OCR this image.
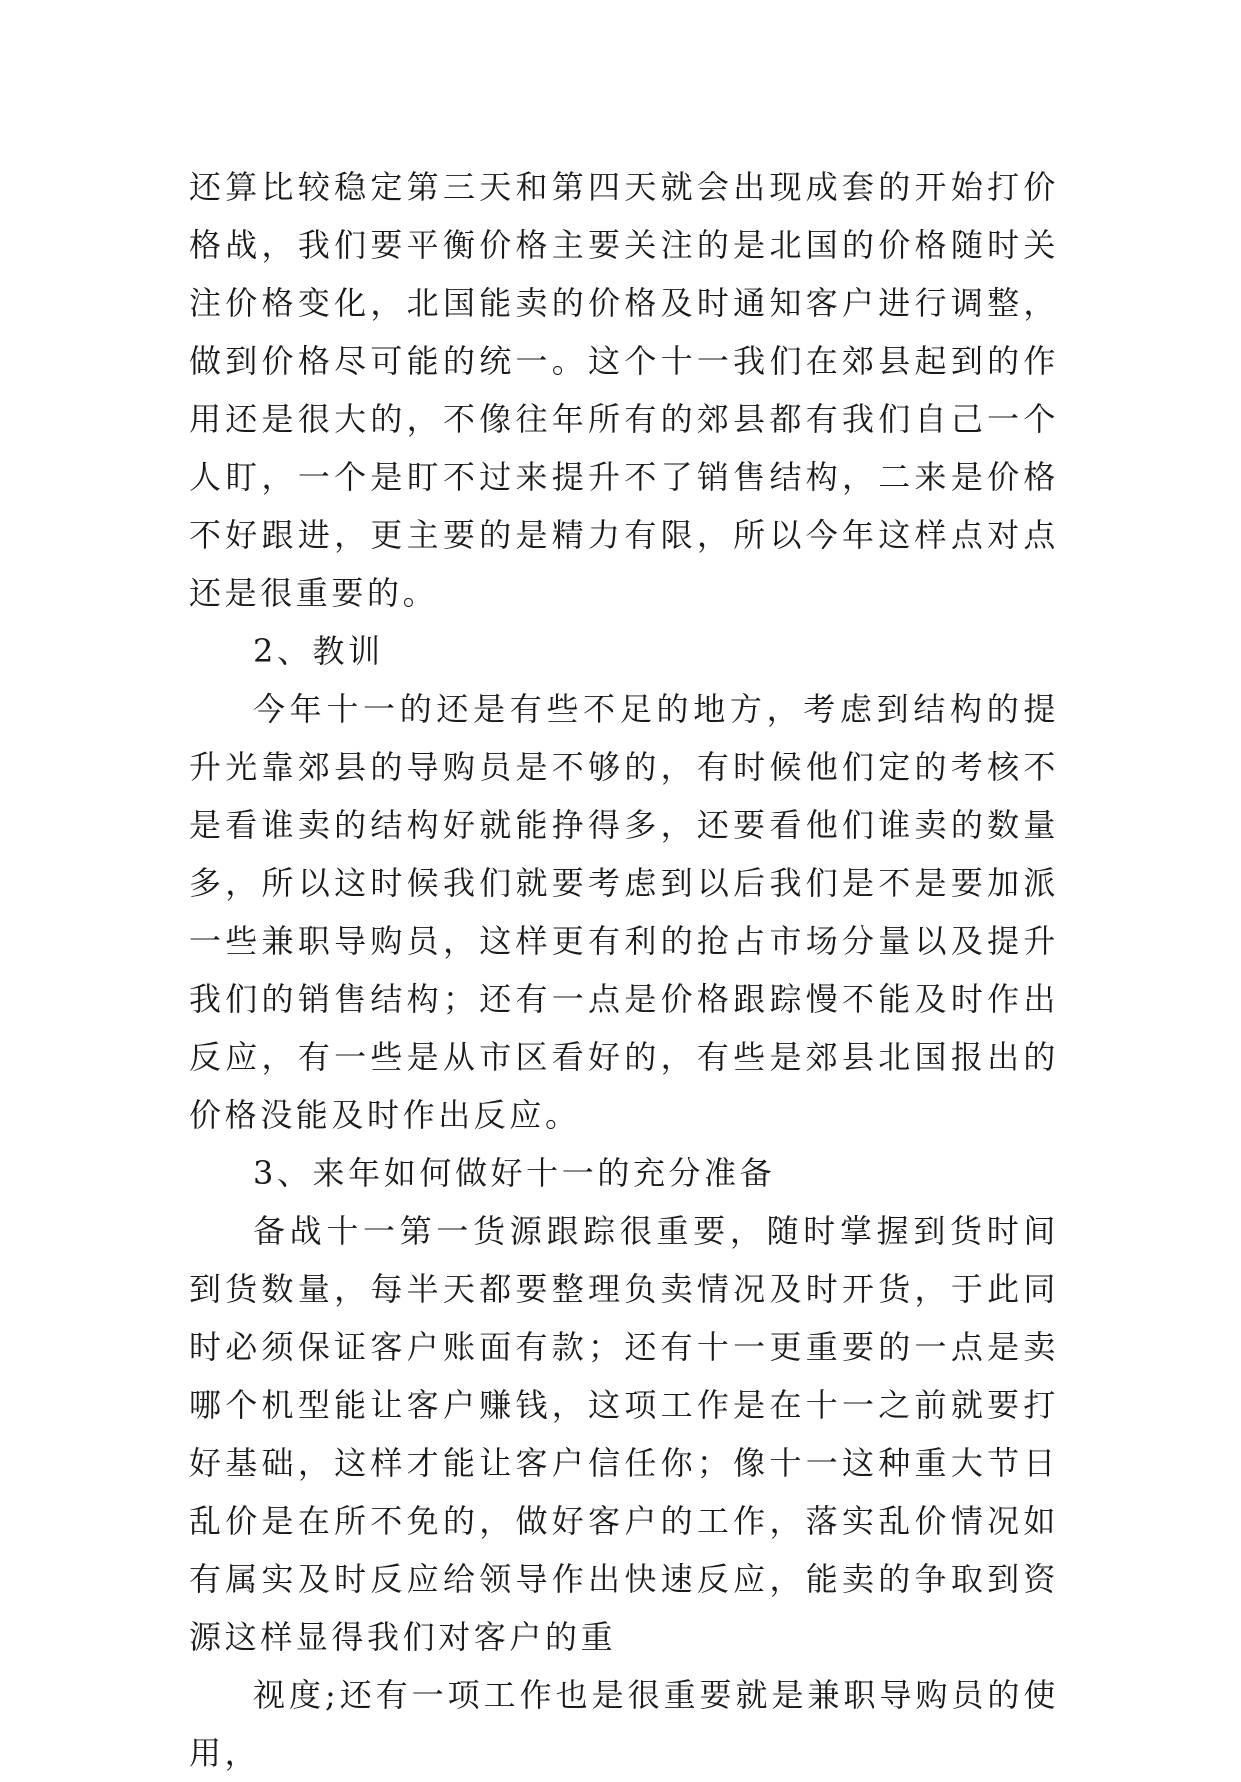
还算比较稳定第三天和第四天就会出现成套的开始打价格战，我们要平衡价格主要关注的是北国的价格随时关注价格变化，北国能卖的价格及时通知客户进行调整，做到价格尽可能的统一。这个十一我们在郊县起到的作用还是很大的，不像往年所有的郊县都有我们自己一个人盯，一个是盯不过来提升不了销售结构，二来是价格不好跟进，更主要的是精力有限，所以今年这样点对点还是很重要的。

2、教训

今年十一的还是有些不足的地方，考虑到结构的提升光靠郊县的导购员是不够的，有时候他们定的考核不是看谁卖的结构好就能挣得多，还要看他们谁卖的数量多，所以这时候我们就要考虑到以后我们是不是要加派一些兼职导购员，这样更有利的抢占市场分量以及提升我们的销售结构；还有一点是价格跟踪慢不能及时作出反应，有一些是从市区看好的，有些是郊县北国报出的价格没能及时作出反应。

3、来年如何做好十一的充分准备

备战十一第一货源跟踪很重要，随时掌握到货时间到货数量，每半天都要整理负卖情况及时开货，于此同时必须保证客户账面有款；还有十一更重要的一点是卖哪个机型能让客户赚钱，这项工作是在十一之前就要打好基础，这样才能让客户信任你；像十一这种重大节日乱价是在所不免的，做好客户的工作，落实乱价情况如有属实及时反应给领导作出快速反应，能卖的争取到资源这样显得我们对客户的重

视度;还有一项工作也是很重要就是兼职导购员的使用，
